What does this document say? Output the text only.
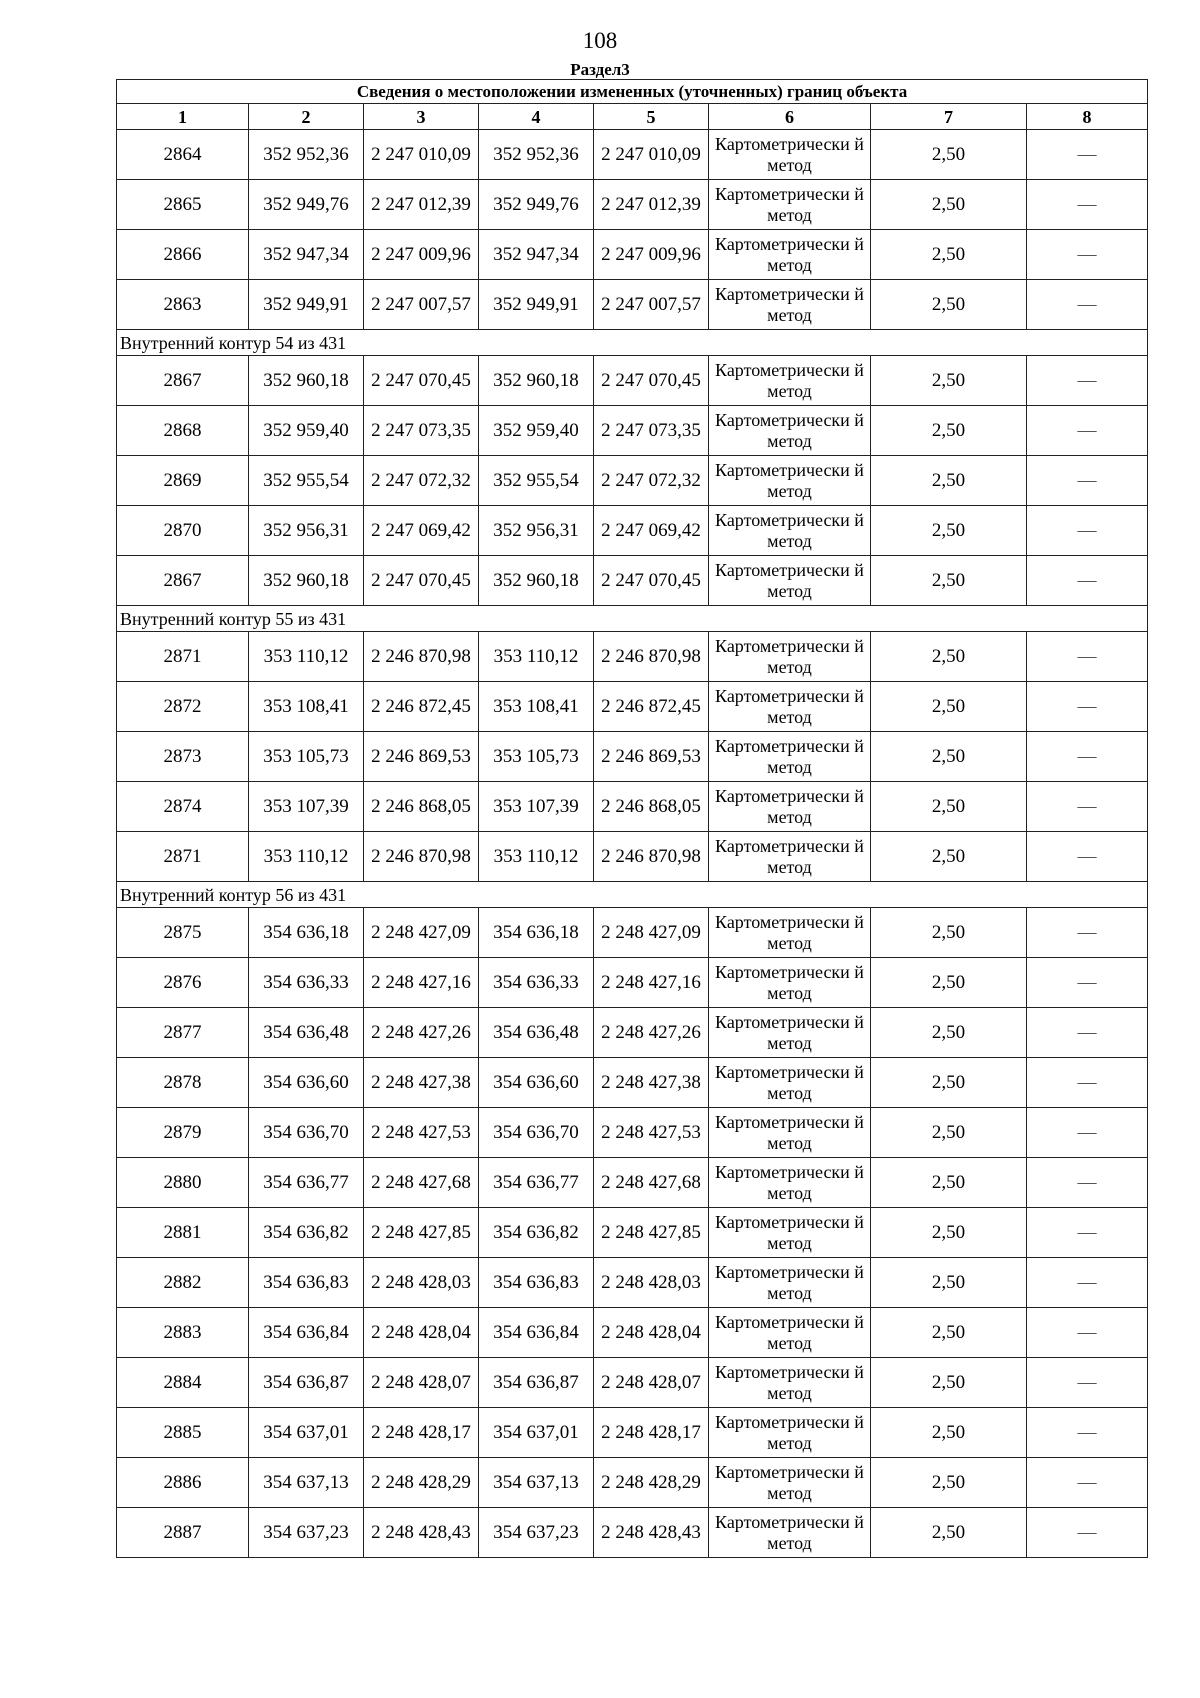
108
Раздел3
Сведения о местоположении измененных (уточненных) границ объекта							
1	2	3	4	5	6	7	8
2864	352 952,36	2 247 010,09	352 952,36	2 247 010,09	Картометрически й метод	2,50	—
2865	352 949,76	2 247 012,39	352 949,76	2 247 012,39	Картометрически й метод	2,50	—
2866	352 947,34	2 247 009,96	352 947,34	2 247 009,96	Картометрически й метод	2,50	—
2863	352 949,91	2 247 007,57	352 949,91	2 247 007,57	Картометрически й метод	2,50	—
Внутренний контур 54 из 431							
2867	352 960,18	2 247 070,45	352 960,18	2 247 070,45	Картометрически й метод	2,50	—
2868	352 959,40	2 247 073,35	352 959,40	2 247 073,35	Картометрически й метод	2,50	—
2869	352 955,54	2 247 072,32	352 955,54	2 247 072,32	Картометрически й метод	2,50	—
2870	352 956,31	2 247 069,42	352 956,31	2 247 069,42	Картометрически й метод	2,50	—
2867	352 960,18	2 247 070,45	352 960,18	2 247 070,45	Картометрически й метод	2,50	—
Внутренний контур 55 из 431							
2871	353 110,12	2 246 870,98	353 110,12	2 246 870,98	Картометрически й метод	2,50	—
2872	353 108,41	2 246 872,45	353 108,41	2 246 872,45	Картометрически й метод	2,50	—
2873	353 105,73	2 246 869,53	353 105,73	2 246 869,53	Картометрически й метод	2,50	—
2874	353 107,39	2 246 868,05	353 107,39	2 246 868,05	Картометрически й метод	2,50	—
2871	353 110,12	2 246 870,98	353 110,12	2 246 870,98	Картометрически й метод	2,50	—
Внутренний контур 56 из 431							
2875	354 636,18	2 248 427,09	354 636,18	2 248 427,09	Картометрически й метод	2,50	—
2876	354 636,33	2 248 427,16	354 636,33	2 248 427,16	Картометрически й метод	2,50	—
2877	354 636,48	2 248 427,26	354 636,48	2 248 427,26	Картометрически й метод	2,50	—
2878	354 636,60	2 248 427,38	354 636,60	2 248 427,38	Картометрически й метод	2,50	—
2879	354 636,70	2 248 427,53	354 636,70	2 248 427,53	Картометрически й метод	2,50	—
2880	354 636,77	2 248 427,68	354 636,77	2 248 427,68	Картометрически й метод	2,50	—
2881	354 636,82	2 248 427,85	354 636,82	2 248 427,85	Картометрически й метод	2,50	—
2882	354 636,83	2 248 428,03	354 636,83	2 248 428,03	Картометрически й метод	2,50	—
2883	354 636,84	2 248 428,04	354 636,84	2 248 428,04	Картометрически й метод	2,50	—
2884	354 636,87	2 248 428,07	354 636,87	2 248 428,07	Картометрически й метод	2,50	—
2885	354 637,01	2 248 428,17	354 637,01	2 248 428,17	Картометрически й метод	2,50	—
2886	354 637,13	2 248 428,29	354 637,13	2 248 428,29	Картометрически й метод	2,50	—
2887	354 637,23	2 248 428,43	354 637,23	2 248 428,43	Картометрически й метод	2,50	—
